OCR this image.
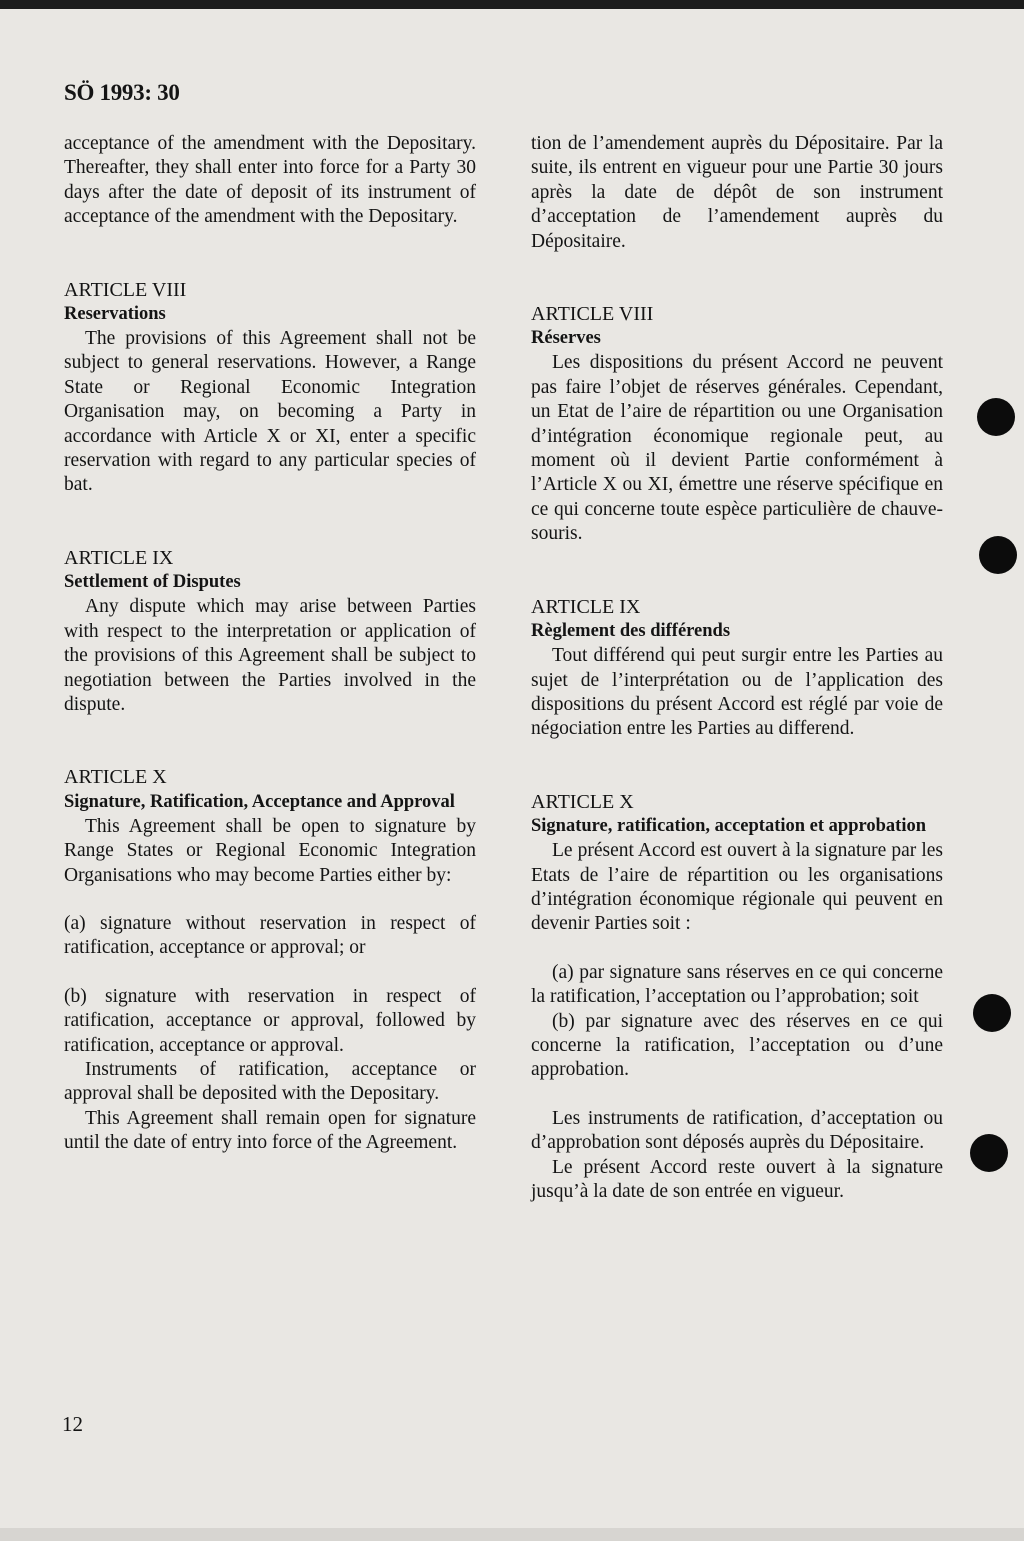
SÖ 1993: 30

acceptance of the amendment with the Depositary. Thereafter, they shall enter into force for a Party 30 days after the date of deposit of its instrument of acceptance of the amendment with the Depositary.

ARTICLE VIII
Reservations

The provisions of this Agreement shall not be subject to general reservations. However, a Range State or Regional Economic Integration Organisation may, on becoming a Party in accordance with Article X or XI, enter a specific reservation with regard to any particular species of bat.

ARTICLE IX
Settlement of Disputes

Any dispute which may arise between Parties with respect to the interpretation or application of the provisions of this Agreement shall be subject to negotiation between the Parties involved in the dispute.

ARTICLE X
Signature, Ratification, Acceptance and Approval

This Agreement shall be open to signature by Range States or Regional Economic Integration Organisations who may become Parties either by:

(a) signature without reservation in respect of ratification, acceptance or approval; or

(b) signature with reservation in respect of ratification, acceptance or approval, followed by ratification, acceptance or approval.

Instruments of ratification, acceptance or approval shall be deposited with the Depositary.

This Agreement shall remain open for signature until the date of entry into force of the Agreement.

tion de l’amendement auprès du Dépositaire. Par la suite, ils entrent en vigueur pour une Partie 30 jours après la date de dépôt de son instrument d’acceptation de l’amendement auprès du Dépositaire.

ARTICLE VIII
Réserves

Les dispositions du présent Accord ne peuvent pas faire l’objet de réserves générales. Cependant, un Etat de l’aire de répartition ou une Organisation d’intégration économique regionale peut, au moment où il devient Partie conformément à l’Article X ou XI, émettre une réserve spécifique en ce qui concerne toute espèce particulière de chauve-souris.

ARTICLE IX
Règlement des différends

Tout différend qui peut surgir entre les Parties au sujet de l’interprétation ou de l’application des dispositions du présent Accord est réglé par voie de négociation entre les Parties au differend.

ARTICLE X
Signature, ratification, acceptation et approbation

Le présent Accord est ouvert à la signature par les Etats de l’aire de répartition ou les organisations d’intégration économique régionale qui peuvent en devenir Parties soit :

(a) par signature sans réserves en ce qui concerne la ratification, l’acceptation ou l’approbation; soit

(b) par signature avec des réserves en ce qui concerne la ratification, l’acceptation ou d’une approbation.

Les instruments de ratification, d’acceptation ou d’approbation sont déposés auprès du Dépositaire.

Le présent Accord reste ouvert à la signature jusqu’à la date de son entrée en vigueur.

12
